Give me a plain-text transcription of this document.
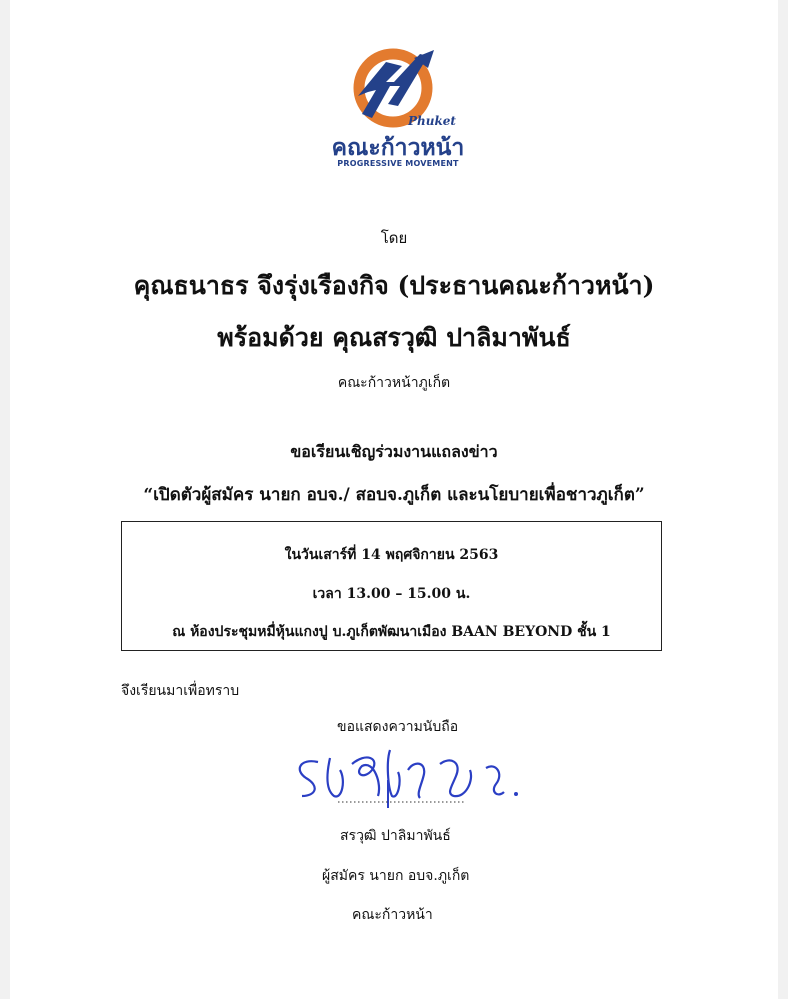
Phuket
คณะก้าวหน้า
PROGRESSIVE MOVEMENT
โดย
คุณธนาธร จึงรุ่งเรืองกิจ (ประธานคณะก้าวหน้า)
พร้อมด้วย คุณสรวุฒิ ปาลิมาพันธ์
คณะก้าวหน้าภูเก็ต
ขอเรียนเชิญร่วมงานแถลงข่าว
“เปิดตัวผู้สมัคร นายก อบจ./ สอบจ.ภูเก็ต และนโยบายเพื่อชาวภูเก็ต”
ในวันเสาร์ที่ 14 พฤศจิกายน 2563
เวลา 13.00 – 15.00 น.
ณ ห้องประชุมหมื่หุ้นแกงปู บ.ภูเก็ตพัฒนาเมือง BAAN BEYOND ชั้น 1
จึงเรียนมาเพื่อทราบ
ขอแสดงความนับถือ
สรวุฒิ ปาลิมาพันธ์
ผู้สมัคร นายก อบจ.ภูเก็ต
คณะก้าวหน้า
